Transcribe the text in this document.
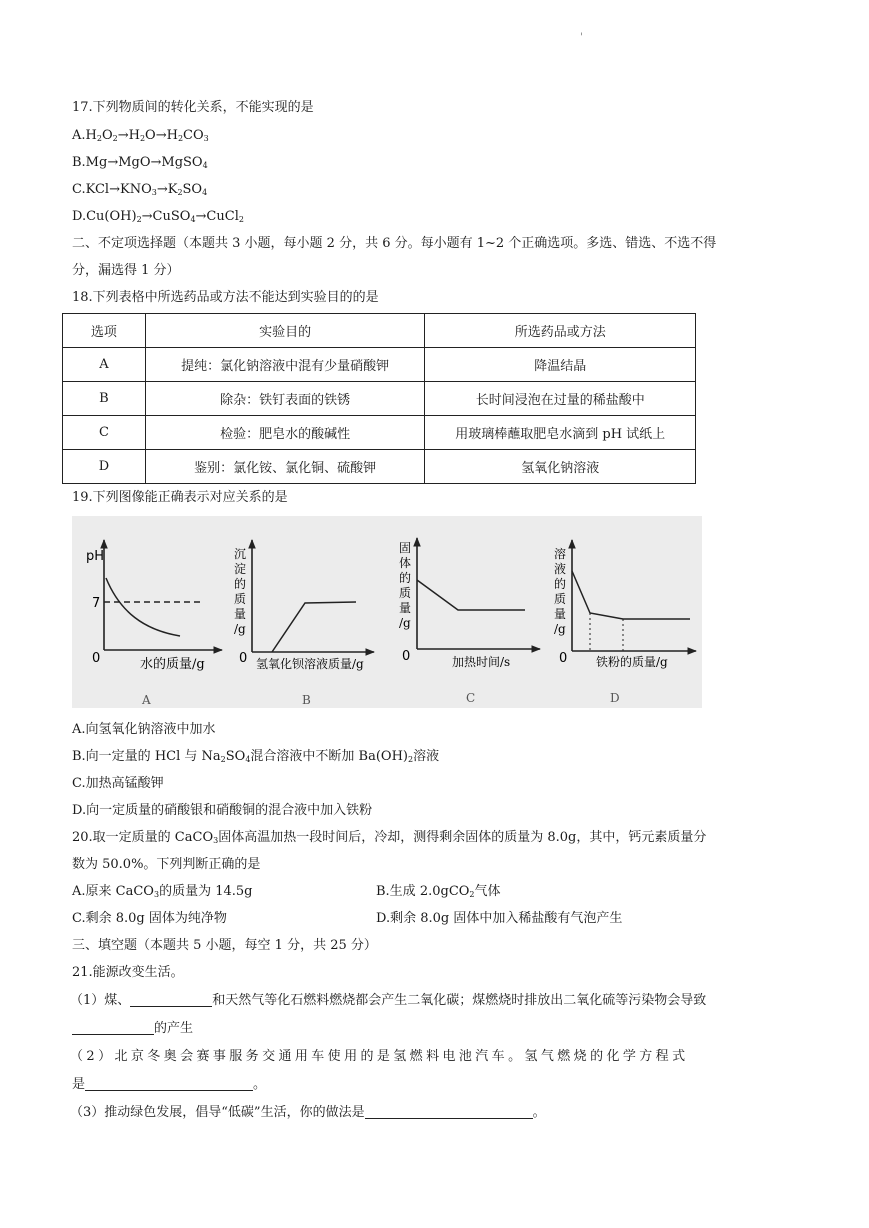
'
17.下列物质间的转化关系，不能实现的是
$A.H_2O_2\to H_2O\to H_2CO_3$
B.Mg→MgO→MgSO$_4$
$C.KCl\to KNO_3\to K_2SO_4$
$D.Cu(OH)_2\to CuSO_4\to CuCl_2$
二、不定项选择题（本题共 3 小题，每小题 2 分，共 6 分。每小题有 1~2 个正确选项。多选、错选、不选不得
分，漏选得 1 分）
18.下列表格中所选药品或方法不能达到实验目的的是
选项	实验目的	所选药品或方法
A	提纯：氯化钠溶液中混有少量硝酸钾	降温结晶
B	除杂：铁钉表面的铁锈	长时间浸泡在过量的稀盐酸中
C	检验：肥皂水的酸碱性	用玻璃棒蘸取肥皂水滴到 pH 试纸上
D	鉴别：氯化铵、氯化铜、硫酸钾	氢氧化钠溶液
19.下列图像能正确表示对应关系的是
pH
7
0	水的质量/g
A
沉
淀
的
质
量
/g
0 氢氧化钡溶液质量/g
B
固
体
的
质
量
/g
0	加热时间/s
C
溶
液
的
质
量
/g
0 铁粉的质量/g
D
A.向氢氧化钠溶液中加水
B.向一定量的 HCl 与 $Na_2SO_4$混合溶液中不断加 $Ba(OH)_2$溶液
C.加热高锰酸钾
D.向一定质量的硝酸银和硝酸铜的混合液中加入铁粉
20.取一定质量的 CaCO$_3$固体高温加热一段时间后，冷却，测得剩余固体的质量为 8.0g，其中，钙元素质量分
数为 50.0%。下列判断正确的是
A.原来 CaCO$_3$的质量为 14.5g	B.生成 2.0gCO$_2$气体
C.剩余 8.0g 固体为纯净物	D.剩余 8.0g 固体中加入稀盐酸有气泡产生
三、填空题（本题共 5 小题，每空 1 分，共 25 分）
21.能源改变生活。
（1）煤、	和天然气等化石燃料燃烧都会产生二氧化碳；煤燃烧时排放出二氧化硫等污染物会导致
的产生
（2）北京冬奥会赛事服务交通用车使用的是氢燃料电池汽车。氢气燃烧的化学方程式
是	。
（3）推动绿色发展，倡导“低碳”生活，你的做法是	。
